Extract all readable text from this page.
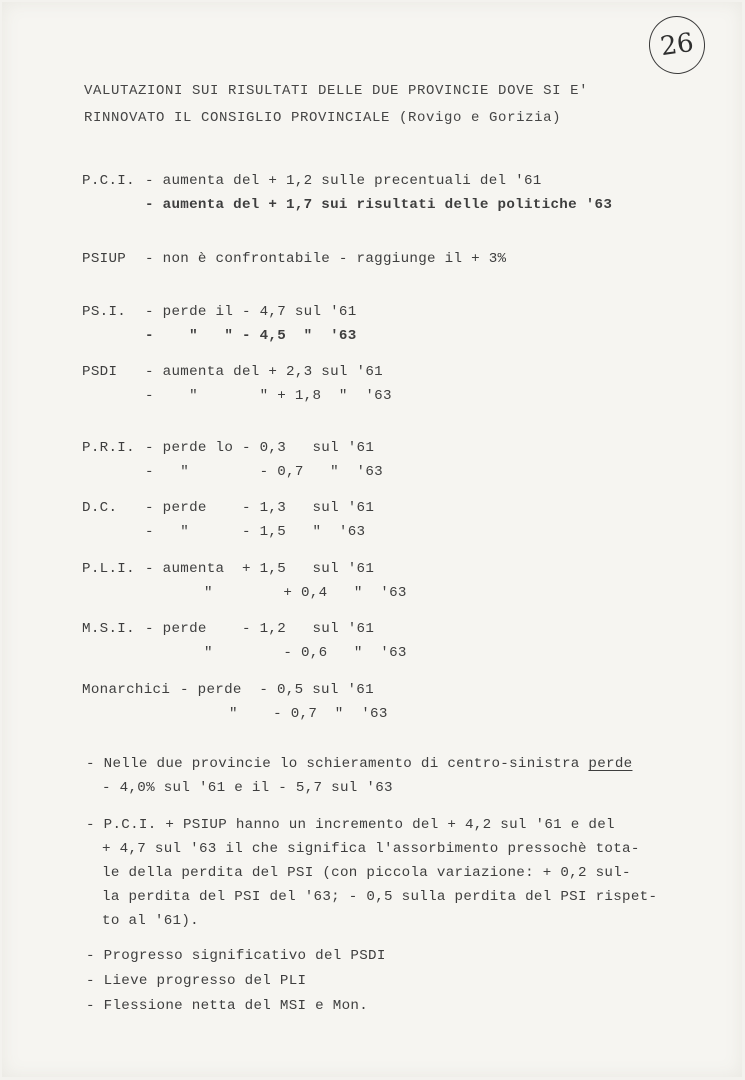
26
VALUTAZIONI SUI RISULTATI DELLE DUE PROVINCIE DOVE SI E'
RINNOVATO IL CONSIGLIO PROVINCIALE (Rovigo e Gorizia)
P.C.I. - aumenta del + 1,2 sulle precentuali del '61
- aumenta del + 1,7 sui risultati delle politiche '63
PSIUP - non è confrontabile - raggiunge il + 3%
PS.I. - perde il - 4,7 sul '61
-    "   " - 4,5  "  '63
PSDI - aumenta del + 2,3 sul '61
-    "       " + 1,8  "  '63
P.R.I. - perde lo - 0,3   sul '61
-   "        - 0,7   "  '63
D.C. - perde    - 1,3   sul '61
-   "      - 1,5   "  '63
P.L.I. - aumenta  + 1,5   sul '61
"        + 0,4   "  '63
M.S.I. - perde    - 1,2   sul '61
"        - 0,6   "  '63
Monarchici - perde  - 0,5 sul '61
"    - 0,7  "  '63
- Nelle due provincie lo schieramento di centro-sinistra perde
- 4,0% sul '61 e il - 5,7 sul '63
- P.C.I. + PSIUP hanno un incremento del + 4,2 sul '61 e del
+ 4,7 sul '63 il che significa l'assorbimento pressochè tota-
le della perdita del PSI (con piccola variazione: + 0,2 sul-
la perdita del PSI del '63; - 0,5 sulla perdita del PSI rispet-
to al '61).
- Progresso significativo del PSDI
- Lieve progresso del PLI
- Flessione netta del MSI e Mon.
